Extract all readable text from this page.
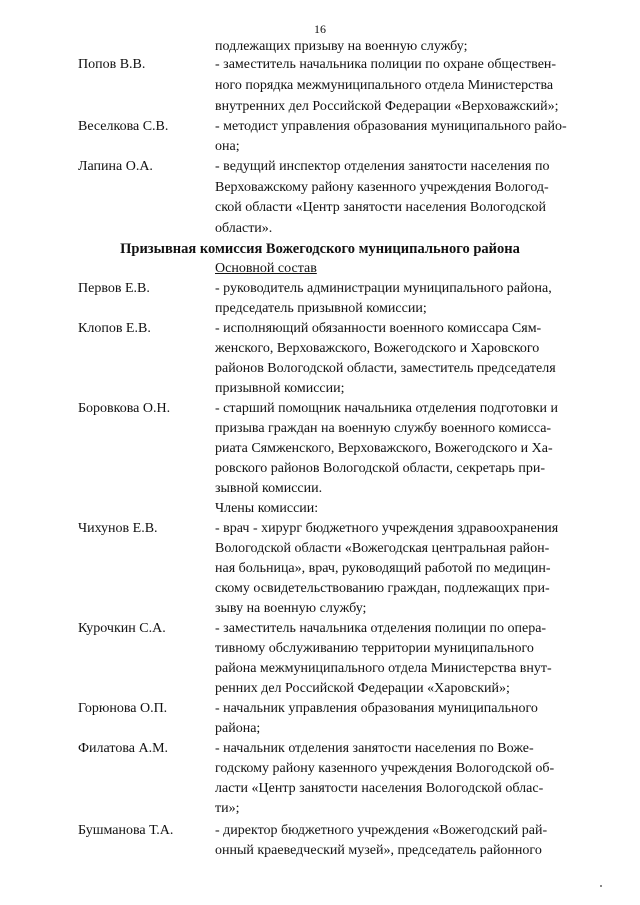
16
подлежащих призыву на военную службу;
Попов В.В.	- заместитель начальника полиции по охране обществен-
ного порядка межмуниципального отдела Министерства
внутренних дел Российской Федерации «Верховажский»;
Веселкова С.В.	- методист управления образования муниципального райо-
она;
Лапина О.А.	- ведущий инспектор отделения занятости населения по
Верховажскому району казенного учреждения Вологод-
ской области «Центр занятости населения Вологодской
области».
Призывная комиссия Вожегодского муниципального района
Основной состав
Первов Е.В.	- руководитель администрации муниципального района,
председатель призывной комиссии;
Клопов Е.В.	- исполняющий обязанности военного комиссара Сям-
женского, Верховажского, Вожегодского и Харовского
районов Вологодской области, заместитель председателя
призывной комиссии;
Боровкова О.Н.	- старший помощник начальника отделения подготовки и
призыва граждан на военную службу военного комисса-
риата Сямженского, Верховажского, Вожегодского и Ха-
ровского районов Вологодской области, секретарь при-
зывной комиссии.
Члены комиссии:
Чихунов Е.В.	- врач - хирург бюджетного учреждения здравоохранения
Вологодской области «Вожегодская центральная район-
ная больница», врач, руководящий работой по медицин-
скому освидетельствованию граждан, подлежащих при-
зыву на военную службу;
Курочкин С.А.	- заместитель начальника отделения полиции по опера-
тивному обслуживанию территории муниципального
района межмуниципального отдела Министерства внут-
ренних дел Российской Федерации «Харовский»;
Горюнова О.П.	- начальник управления образования муниципального
района;
Филатова А.М.	- начальник отделения занятости населения по Воже-
годскому району казенного учреждения Вологодской об-
ласти «Центр занятости населения Вологодской облас-
ти»;
Бушманова Т.А.	- директор бюджетного учреждения «Вожегодский рай-
онный краеведческий музей», председатель районного
